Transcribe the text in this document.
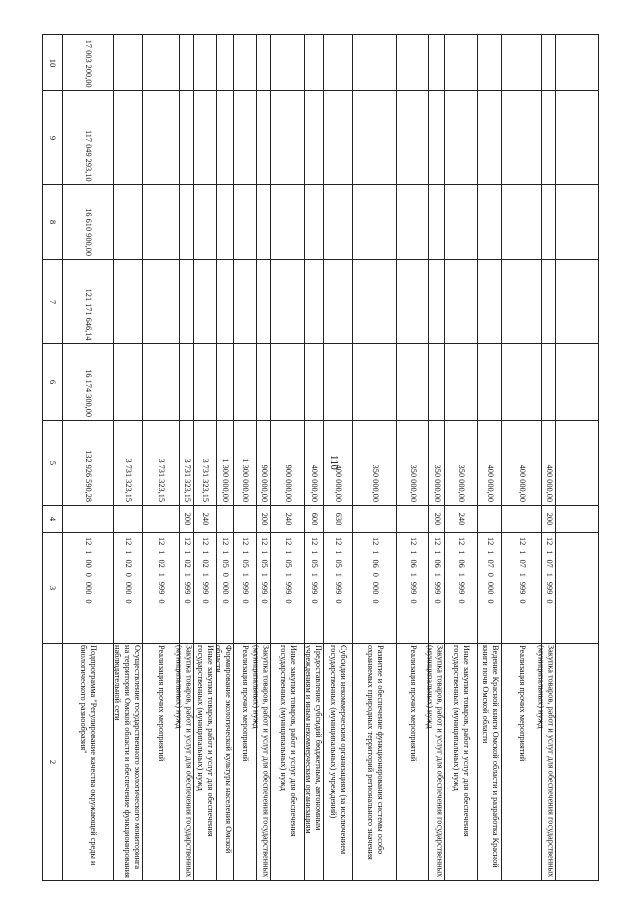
110
10
9
8
7
6
5
4
3
2
17 003 200,00
117 049 293,10
16 610 900,00
121 171 646,14
16 174 300,00
132 926 590,28
12
1
00
0
000
0
Подпрограмма "Регулирование качества окружающей среды и биологического разнообразия"
3 731 323,15
12
1
02
0
000
0
Осуществление государственного экологического мониторинга на территории Омской области и обеспечение функционирования наблюдательной сети
3 731 323,15
12
1
02
1
999
0
Реализация прочих мероприятий
3 731 323,15
200
12
1
02
1
999
0
Закупка товаров, работ и услуг для обеспечения государственных (муниципальных) нужд
3 731 323,15
240
12
1
02
1
999
0
Иные закупки товаров, работ и услуг для обеспечения государственных (муниципальных) нужд
1 300 000,00
12
1
05
0
000
0
Формирование экологической культуры населения Омской области
1 300 000,00
12
1
05
1
999
0
Реализация прочих мероприятий
900 000,00
200
12
1
05
1
999
0
Закупка товаров, работ и услуг для обеспечения государственных (муниципальных) нужд
900 000,00
240
12
1
05
1
999
0
Иные закупки товаров, работ и услуг для обеспечения государственных (муниципальных) нужд
400 000,00
600
12
1
05
1
999
0
Предоставление субсидий бюджетным, автономным учреждениям и иным некоммерческим организациям
400 000,00
630
12
1
05
1
999
0
Субсидии некоммерческим организациям (за исключением государственных (муниципальных) учреждений)
350 000,00
12
1
06
0
000
0
Развитие и обеспечение функционирования системы особо охраняемых природных территорий регионального значения
350 000,00
12
1
06
1
999
0
Реализация прочих мероприятий
350 000,00
200
12
1
06
1
999
0
Закупка товаров, работ и услуг для обеспечения государственных (муниципальных) нужд
350 000,00
240
12
1
06
1
999
0
Иные закупки товаров, работ и услуг для обеспечения государственных (муниципальных) нужд
400 000,00
12
1
07
0
000
0
Ведение Красной книги Омской области и разработка Красной книги почв Омской области
400 000,00
12
1
07
1
999
0
Реализация прочих мероприятий
400 000,00
200
12
1
07
1
999
0
Закупка товаров, работ и услуг для обеспечения государственных (муниципальных) нужд
